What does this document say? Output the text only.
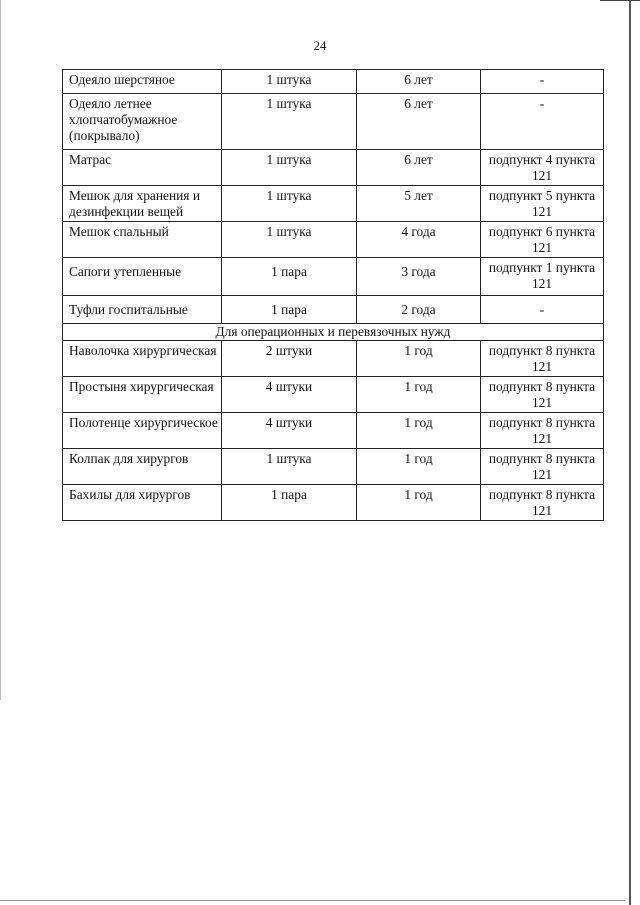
24
Одеяло шерстяное	1 штука	6 лет	-
Одеяло летнее хлопчатобумажное (покрывало)	1 штука	6 лет	-
Матрас	1 штука	6 лет	подпункт 4 пункта 121
Мешок для хранения и дезинфекции вещей	1 штука	5 лет	подпункт 5 пункта 121
Мешок спальный	1 штука	4 года	подпункт 6 пункта 121
Сапоги утепленные	1 пара	3 года	подпункт 1 пункта 121
Туфли госпитальные	1 пара	2 года	-
Для операционных и перевязочных нужд			
Наволочка хирургическая	2 штуки	1 год	подпункт 8 пункта 121
Простыня хирургическая	4 штуки	1 год	подпункт 8 пункта 121
Полотенце хирургическое	4 штуки	1 год	подпункт 8 пункта 121
Колпак для хирургов	1 штука	1 год	подпункт 8 пункта 121
Бахилы для хирургов	1 пара	1 год	подпункт 8 пункта 121
